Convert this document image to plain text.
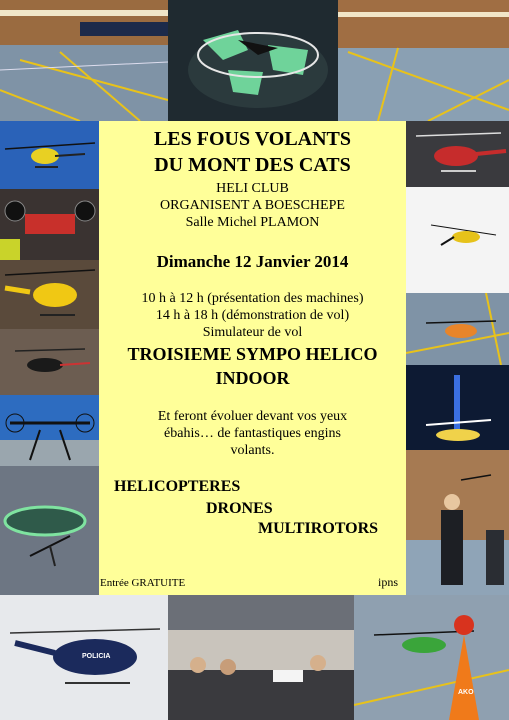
POLICIA
AKO
LES FOUS VOLANTS
DU MONT DES CATS
HELI CLUB
ORGANISENT A BOESCHEPE
Salle Michel PLAMON
Dimanche 12 Janvier 2014
10 h à 12 h (présentation des machines)
14 h à 18 h (démonstration de vol)
Simulateur de vol
TROISIEME SYMPO HELICO
INDOOR
Et feront évoluer devant vos yeux
ébahis… de fantastiques engins
volants.
HELICOPTERES
DRONES
MULTIROTORS
Entrée GRATUITE	ipns
